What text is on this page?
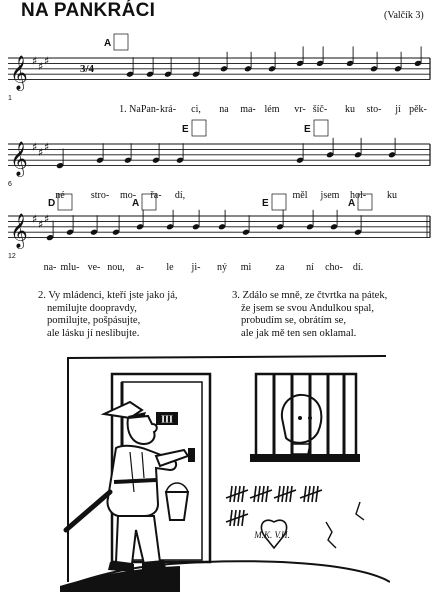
NA PANKRÁCI	(Valčík 3)
𝄞 ♯ ♯ ♯
1
1. Na Pan- krá- ci, na ma- lém vr- šíč- ku sto- jí pěk-
A
𝄞 ♯ ♯ ♯
6
né	stro- mo- řa- dí,	měl jsem hol- ku
E	E
𝄞 ♯ ♯ ♯
12
na- mlu- ve- nou, a- le ji- ný mi za ní cho- dí.
D	A	E	A
3/4
2. Vy mládenci, kteří jste jako já,
nemilujte doopravdy,
pomilujte, pošpásujte,
ale lásku jí neslibujte.
3. Zdálo se mně, ze čtvrtka na pátek,
že jsem se svou Andulkou spal,
probudím se, obrátím se,
ale jak mě ten sen oklamal.
III
M.K. V.H.
